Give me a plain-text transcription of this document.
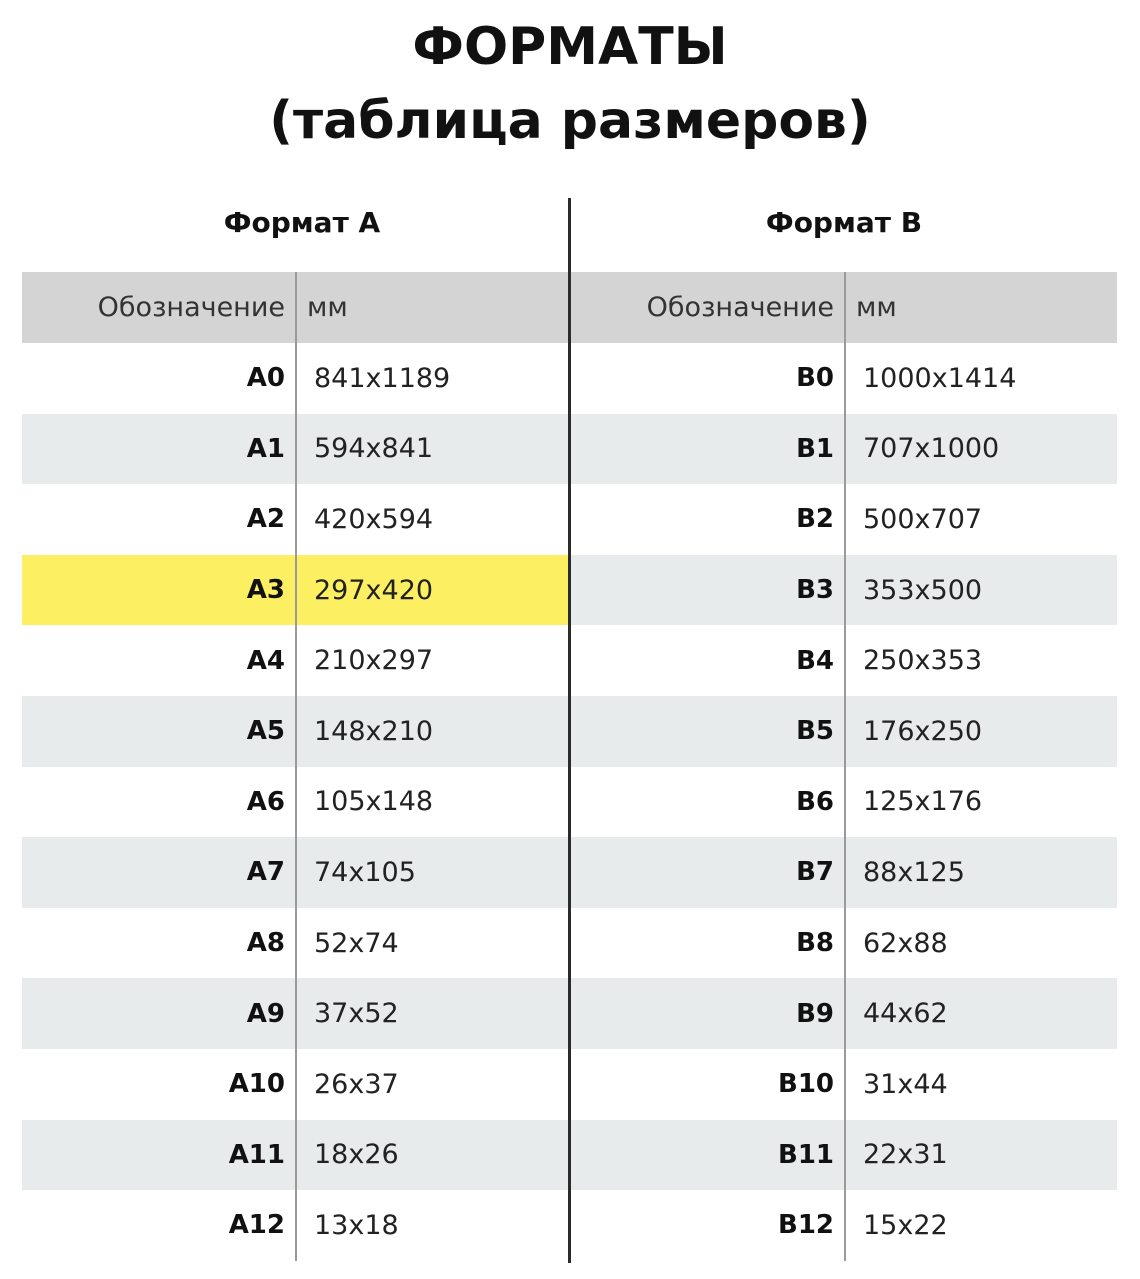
ФОРМАТЫ
(таблица размеров)
Формат A
Обозначение мм
A0	841x1189
A1	594x841
A2	420x594
A3	297x420
A4	210x297
A5	148x210
A6	105x148
A7	74x105
A8	52x74
A9	37x52
A10	26x37
A11	18x26
A12	13x18
Формат B
Обозначение мм
B0	1000x1414
B1	707x1000
B2	500x707
B3	353x500
B4	250x353
B5	176x250
B6	125x176
B7	88x125
B8	62x88
B9	44x62
B10	31x44
B11	22x31
B12	15x22
